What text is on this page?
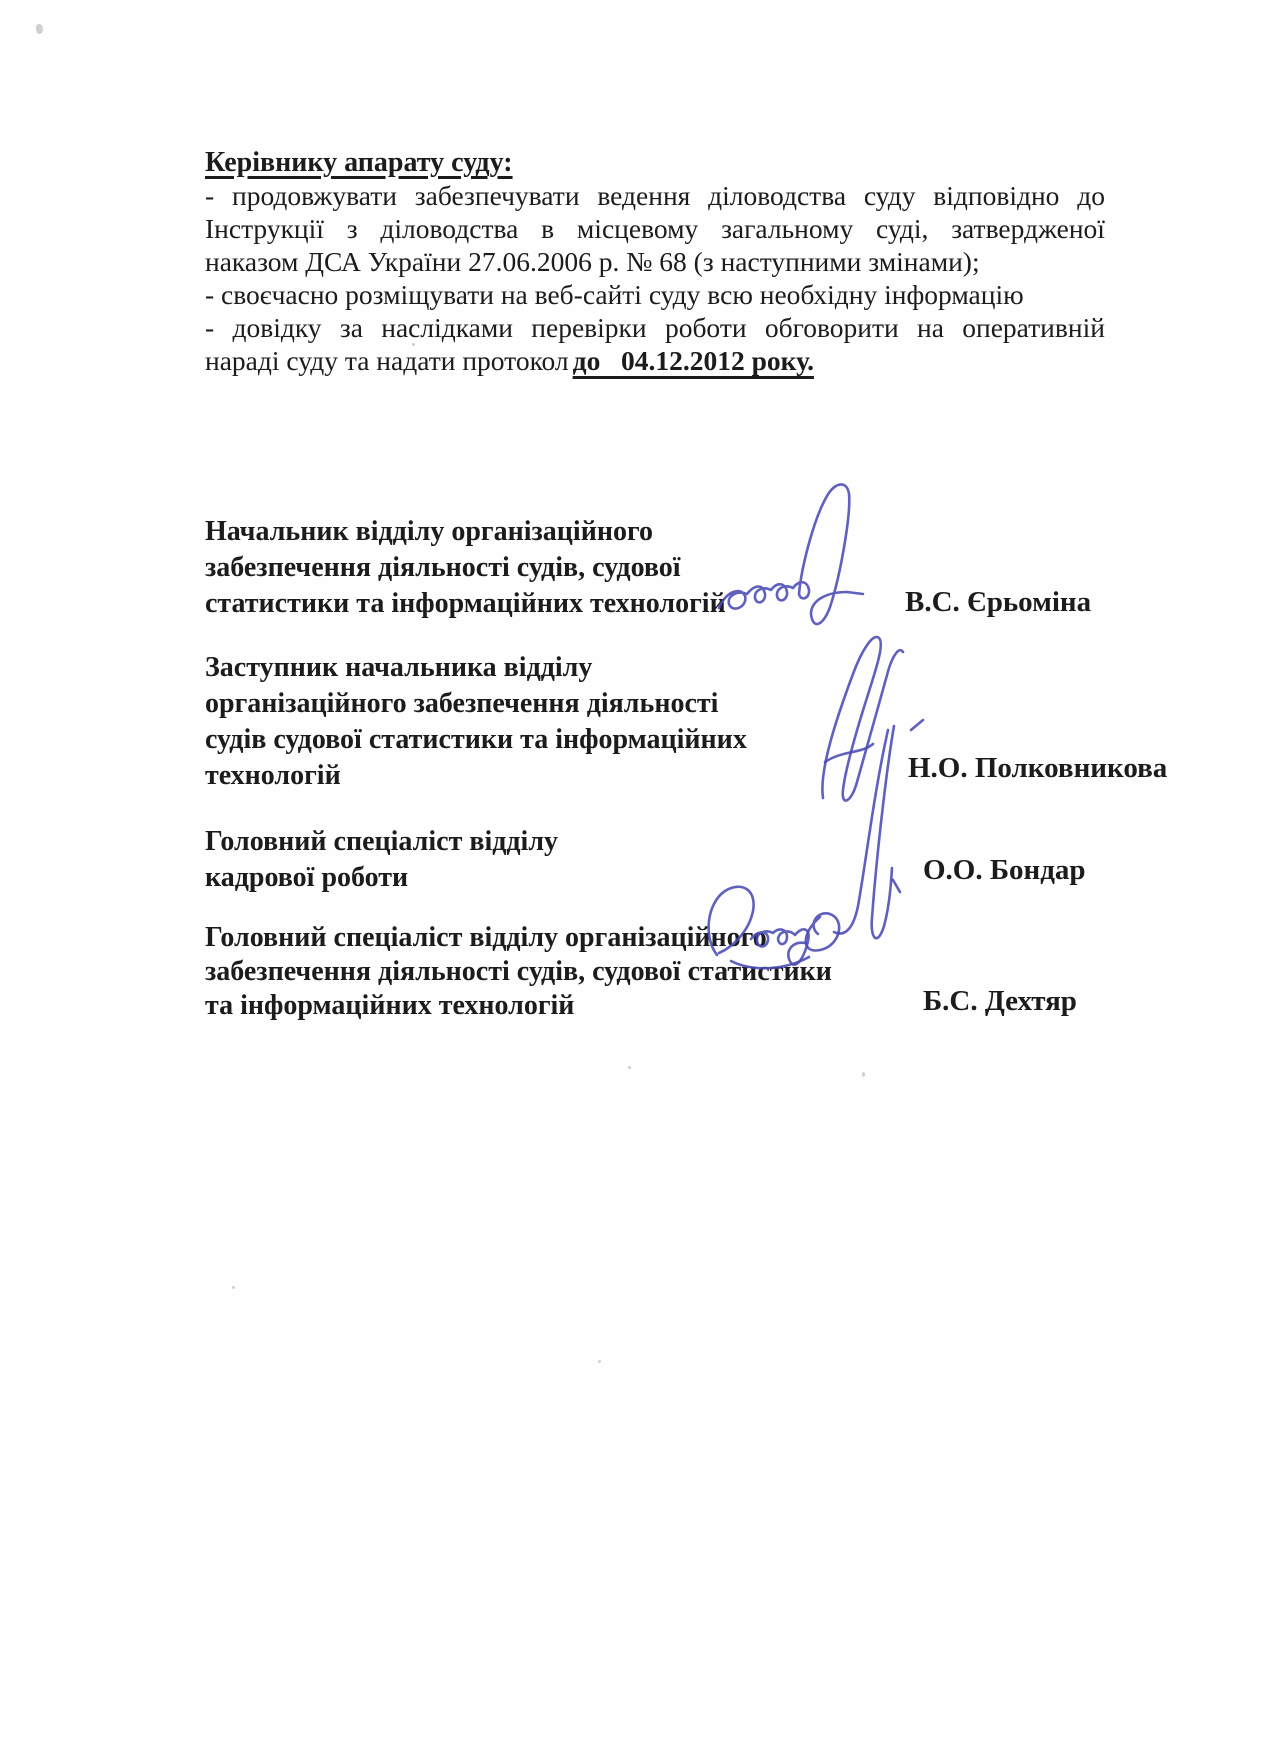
Керівнику апарату суду:
- продовжувати забезпечувати ведення діловодства суду відповідно до
Інструкції з діловодства в місцевому загальному суді, затвердженої
наказом ДСА України 27.06.2006 р. № 68 (з наступними змінами);
- своєчасно розміщувати на веб-сайті суду всю необхідну інформацію
- довідку за наслідками перевірки роботи обговорити на оперативній
нараді суду та надати протокол до   04.12.2012 року.
Начальник відділу організаційного
забезпечення діяльності судів, судової
статистики та інформаційних технологій	В.С. Єрьоміна
Заступник начальника відділу
організаційного забезпечення діяльності
судів судової статистики та інформаційних
технологій	Н.О. Полковникова
Головний спеціаліст відділу
кадрової роботи	О.О. Бондар
Головний спеціаліст відділу організаційного
забезпечення діяльності судів, судової статистики
та інформаційних технологій	Б.С. Дехтяр
